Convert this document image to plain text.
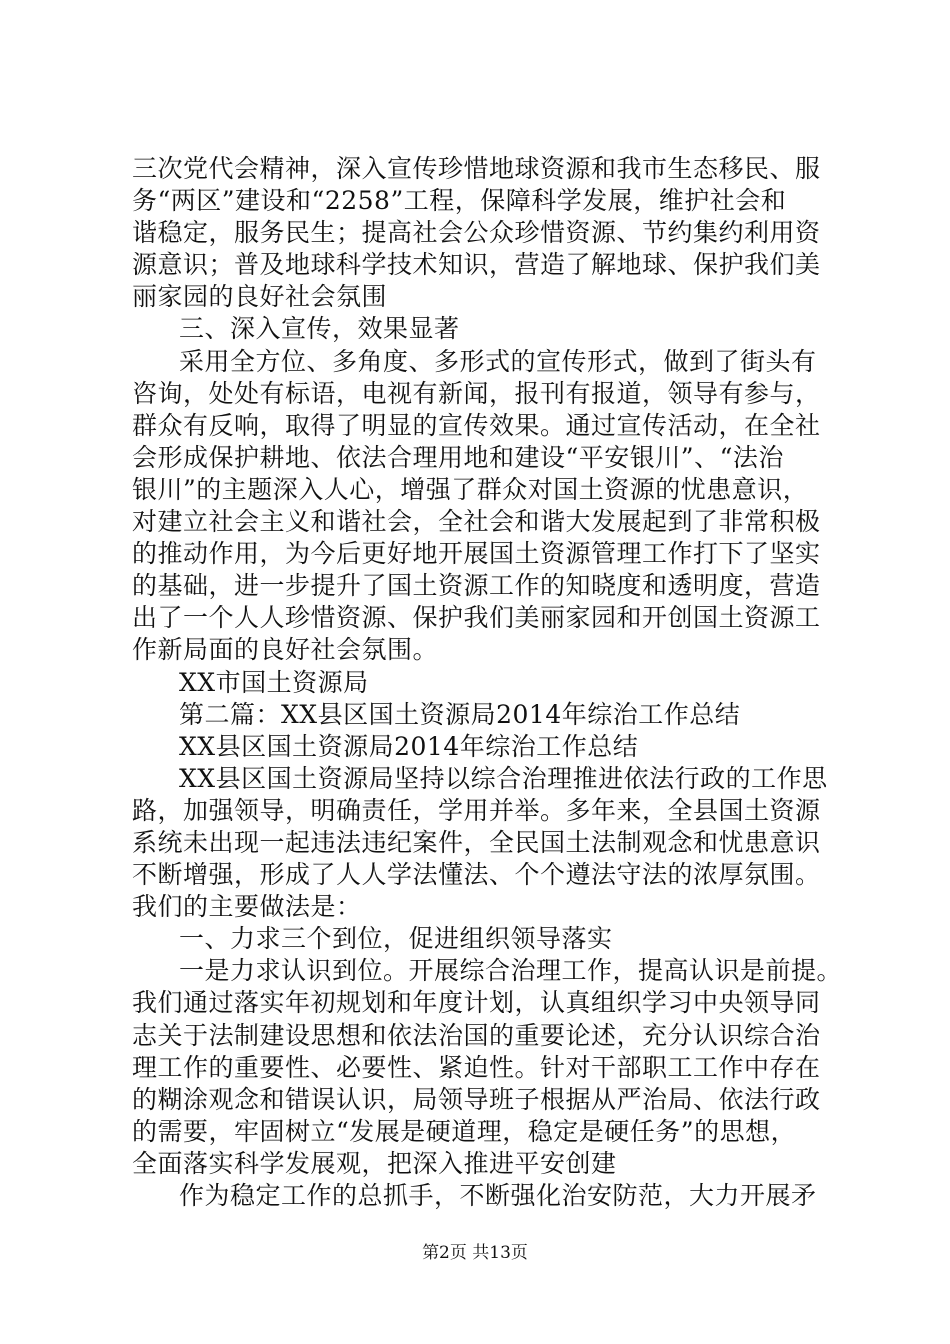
三次党代会精神，深入宣传珍惜地球资源和我市生态移民、服
务“两区”建设和“2258”工程，保障科学发展，维护社会和
谐稳定，服务民生；提高社会公众珍惜资源、节约集约利用资
源意识；普及地球科学技术知识，营造了解地球、保护我们美
丽家园的良好社会氛围
三、深入宣传，效果显著
采用全方位、多角度、多形式的宣传形式，做到了街头有
咨询，处处有标语，电视有新闻，报刊有报道，领导有参与，
群众有反响，取得了明显的宣传效果。通过宣传活动，在全社
会形成保护耕地、依法合理用地和建设“平安银川”、“法治
银川”的主题深入人心，增强了群众对国土资源的忧患意识，
对建立社会主义和谐社会，全社会和谐大发展起到了非常积极
的推动作用，为今后更好地开展国土资源管理工作打下了坚实
的基础，进一步提升了国土资源工作的知晓度和透明度，营造
出了一个人人珍惜资源、保护我们美丽家园和开创国土资源工
作新局面的良好社会氛围。
XX市国土资源局
第二篇：XX县区国土资源局2014年综治工作总结
XX县区国土资源局2014年综治工作总结
XX县区国土资源局坚持以综合治理推进依法行政的工作思
路，加强领导，明确责任，学用并举。多年来，全县国土资源
系统未出现一起违法违纪案件，全民国土法制观念和忧患意识
不断增强，形成了人人学法懂法、个个遵法守法的浓厚氛围。
我们的主要做法是：
一、力求三个到位，促进组织领导落实
一是力求认识到位。开展综合治理工作，提高认识是前提。
我们通过落实年初规划和年度计划，认真组织学习中央领导同
志关于法制建设思想和依法治国的重要论述，充分认识综合治
理工作的重要性、必要性、紧迫性。针对干部职工工作中存在
的糊涂观念和错误认识，局领导班子根据从严治局、依法行政
的需要，牢固树立“发展是硬道理，稳定是硬任务”的思想，
全面落实科学发展观，把深入推进平安创建
作为稳定工作的总抓手，不断强化治安防范，大力开展矛
第2页 共13页
